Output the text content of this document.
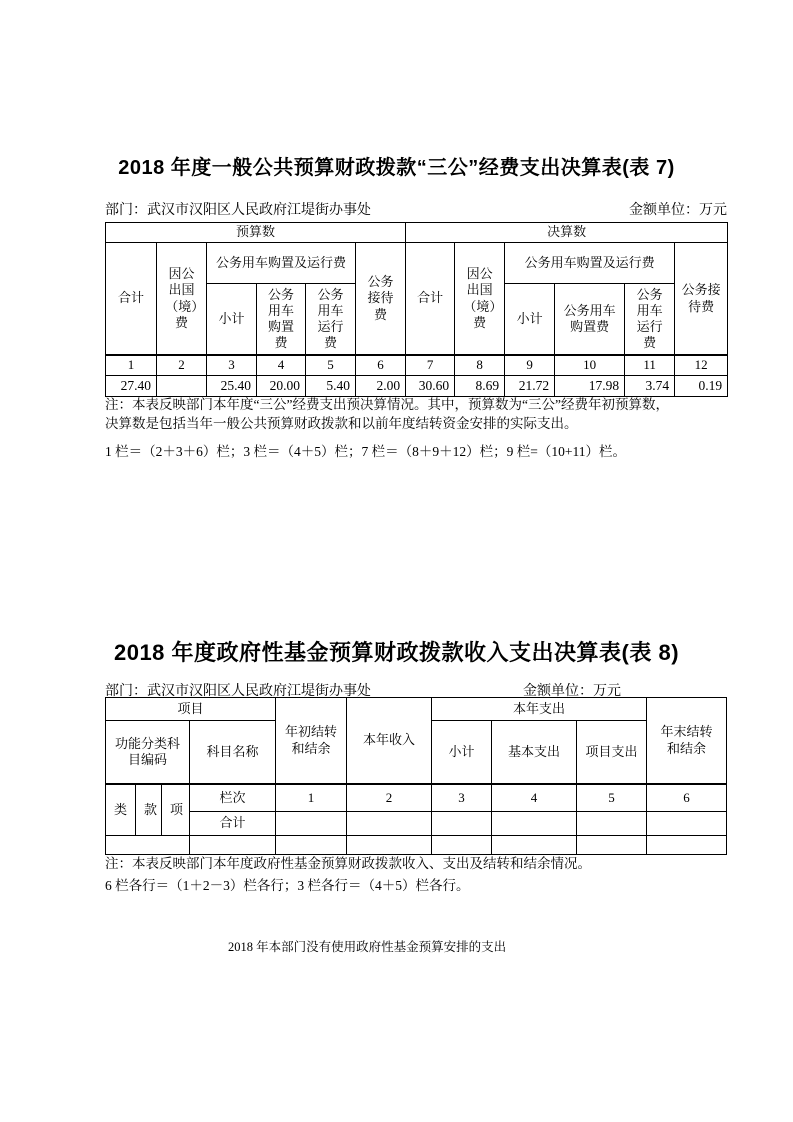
2018 年度一般公共预算财政拨款“三公”经费支出决算表(表 7)
部门：武汉市汉阳区人民政府江堤街办事处	金额单位：万元
预算数						决算数					
合计	因公出国（境）费	公务用车购置及运行费			公务接待费	合计	因公出国（境）费	公务用车购置及运行费			公务接待费
		小计	公务用车购置费	公务用车运行费				小计	公务用车购置费	公务用车运行费	
1	2	3	4	5	6	7	8	9	10	11	12
27.40		25.40	20.00	5.40	2.00	30.60	8.69	21.72	17.98	3.74	0.19
注：本表反映部门本年度“三公”经费支出预决算情况。其中，预算数为“三公”经费年初预算数，
决算数是包括当年一般公共预算财政拨款和以前年度结转资金安排的实际支出。
1 栏＝（2＋3＋6）栏；3 栏＝（4＋5）栏；7 栏＝（8＋9＋12）栏；9 栏=（10+11）栏。
2018 年度政府性基金预算财政拨款收入支出决算表(表 8)
部门：武汉市汉阳区人民政府江堤街办事处	金额单位：万元
项目				年初结转和结余	本年收入	本年支出			年末结转和结余
功能分类科目编码			科目名称			小计	基本支出	项目支出	
类	款	项	栏次	1	2	3	4	5	6
			合计						

注：本表反映部门本年度政府性基金预算财政拨款收入、支出及结转和结余情况。
6 栏各行＝（1＋2－3）栏各行；3 栏各行＝（4＋5）栏各行。
2018 年本部门没有使用政府性基金预算安排的支出
